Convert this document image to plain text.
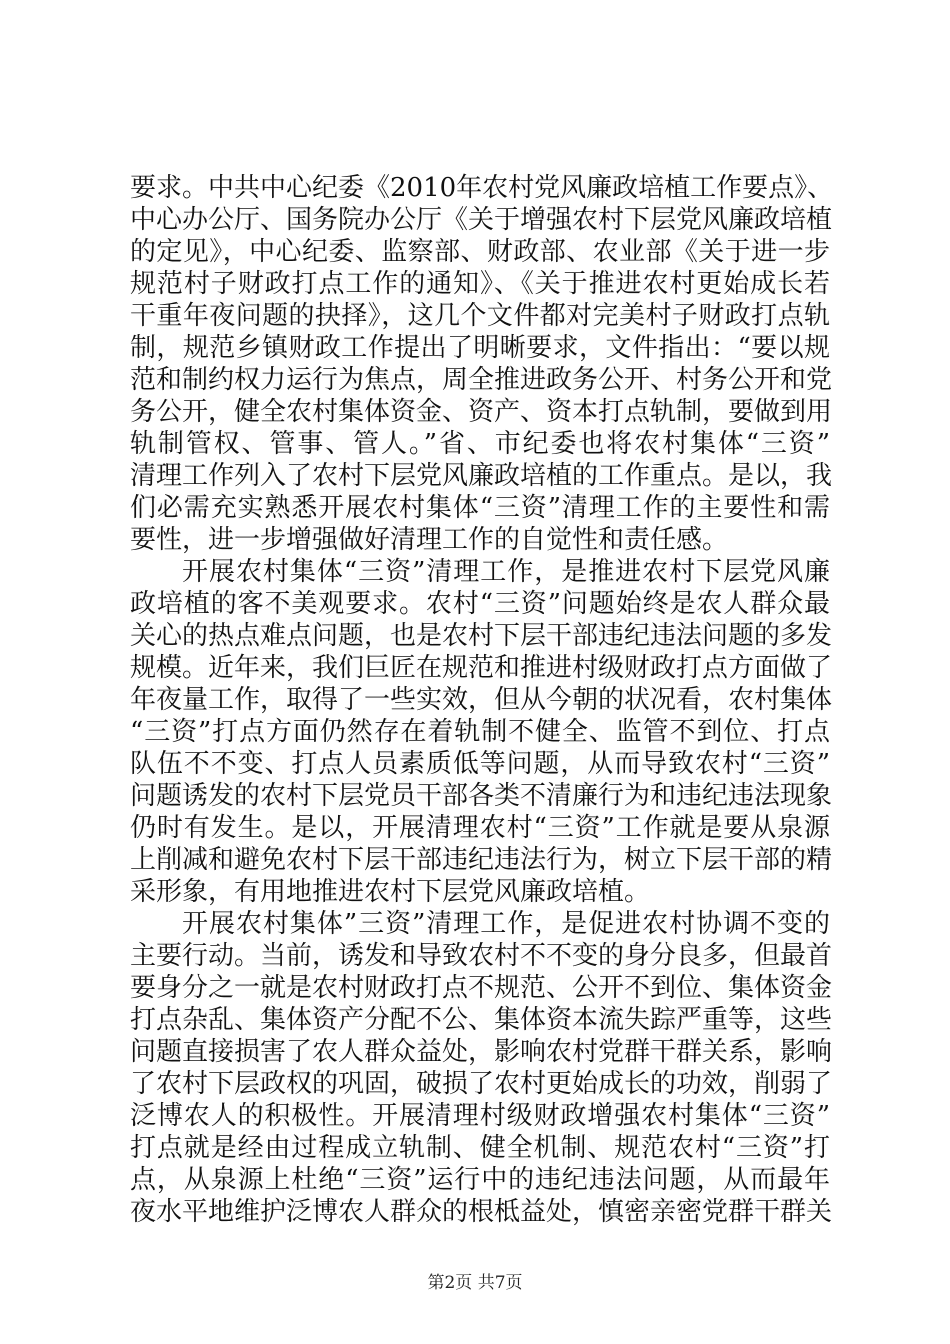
要求。中共中心纪委《2010年农村党风廉政培植工作要点》、
中心办公厅、国务院办公厅《关于增强农村下层党风廉政培植
的定见》，中心纪委、监察部、财政部、农业部《关于进一步
规范村子财政打点工作的通知》、《关于推进农村更始成长若
干重年夜问题的抉择》，这几个文件都对完美村子财政打点轨
制，规范乡镇财政工作提出了明晰要求，文件指出：“要以规
范和制约权力运行为焦点，周全推进政务公开、村务公开和党
务公开，健全农村集体资金、资产、资本打点轨制，要做到用
轨制管权、管事、管人。”省、市纪委也将农村集体“三资”
清理工作列入了农村下层党风廉政培植的工作重点。是以，我
们必需充实熟悉开展农村集体“三资”清理工作的主要性和需
要性，进一步增强做好清理工作的自觉性和责任感。
开展农村集体“三资”清理工作，是推进农村下层党风廉
政培植的客不美观要求。农村“三资”问题始终是农人群众最
关心的热点难点问题，也是农村下层干部违纪违法问题的多发
规模。近年来，我们巨匠在规范和推进村级财政打点方面做了
年夜量工作，取得了一些实效，但从今朝的状况看，农村集体
“三资”打点方面仍然存在着轨制不健全、监管不到位、打点
队伍不不变、打点人员素质低等问题，从而导致农村“三资”
问题诱发的农村下层党员干部各类不清廉行为和违纪违法现象
仍时有发生。是以，开展清理农村“三资”工作就是要从泉源
上削减和避免农村下层干部违纪违法行为，树立下层干部的精
采形象，有用地推进农村下层党风廉政培植。
开展农村集体”三资”清理工作，是促进农村协调不变的
主要行动。当前，诱发和导致农村不不变的身分良多，但最首
要身分之一就是农村财政打点不规范、公开不到位、集体资金
打点杂乱、集体资产分配不公、集体资本流失踪严重等，这些
问题直接损害了农人群众益处，影响农村党群干群关系，影响
了农村下层政权的巩固，破损了农村更始成长的功效，削弱了
泛博农人的积极性。开展清理村级财政增强农村集体“三资”
打点就是经由过程成立轨制、健全机制、规范农村“三资”打
点，从泉源上杜绝“三资”运行中的违纪违法问题，从而最年
夜水平地维护泛博农人群众的根柢益处，慎密亲密党群干群关
第2页 共7页
